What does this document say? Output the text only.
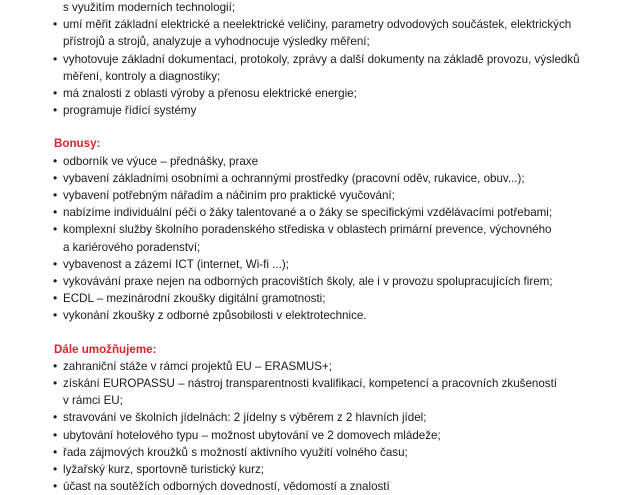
s využitím moderních technologií;
• umí měřit základní elektrické a neelektrické veličiny, parametry odvodových součástek, elektrických
přístrojů a strojů, analyzuje a vyhodnocuje výsledky měření;
• vyhotovuje základní dokumentaci, protokoly, zprávy a další dokumenty na základě provozu, výsledků
měření, kontroly a diagnostiky;
• má znalosti z oblasti výroby a přenosu elektrické energie;
• programuje řídící systémy
Bonusy:
• odborník ve výuce – přednášky, praxe
• vybavení základními osobními a ochrannými prostředky (pracovní oděv, rukavice, obuv...);
• vybavení potřebným nářadím a náčiním pro praktické vyučování;
• nabízíme individuální péči o žáky talentované a o žáky se specifickými vzdělávacími potřebami;
• komplexní služby školního poradenského střediska v oblastech primární prevence, výchovného
a kariérového poradenství;
• vybavenost a zázemí ICT (internet, Wi-fi ...);
• vykovávání praxe nejen na odborných pracovištích školy, ale i v provozu spolupracujících firem;
• ECDL – mezinárodní zkoušky digitální gramotnosti;
• vykonání zkoušky z odborné způsobilosti v elektrotechnice.
Dále umožňujeme:
• zahraniční stáže v rámci projektů EU – ERASMUS+;
• získání EUROPASSU – nástroj transparentnosti kvalifikací, kompetencí a pracovních zkušeností
v rámci EU;
• stravování ve školních jídelnách: 2 jídelny s výběrem z 2 hlavních jídel;
• ubytování hotelového typu – možnost ubytování ve 2 domovech mládeže;
• řada zájmových kroužků s možností aktivního využití volného času;
• lyžařský kurz, sportovně turistický kurz;
• účast na soutěžích odborných dovedností, vědomostí a znalostí
